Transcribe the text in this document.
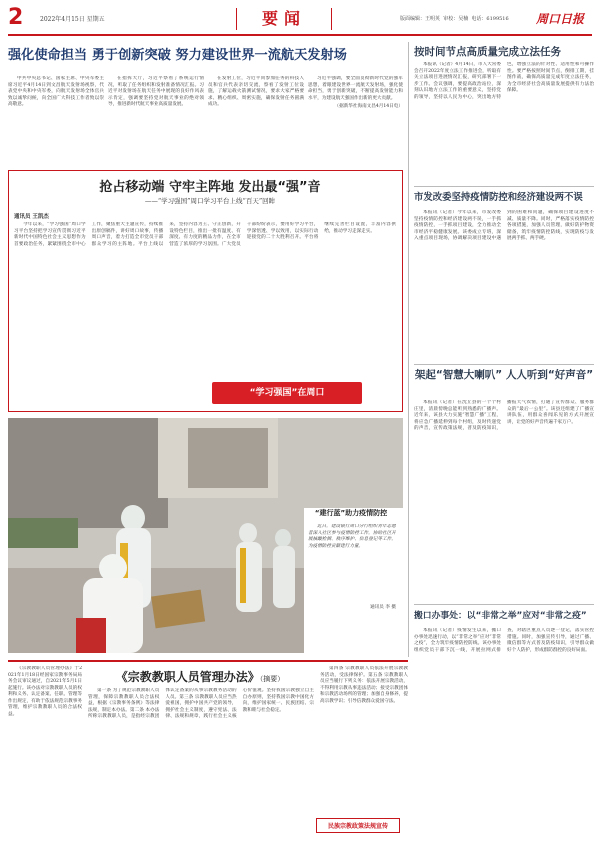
2	2022年4月15日 星期五	要闻	版面编辑：王明英 审校：吴楠 电话：6199516 周口日报
强化使命担当 勇于创新突破 努力建设世界一流航天发射场

中共中央总书记、国家主席、中央军委主席习近平4月14日到文昌航天发射场视察，代表党中央和中央军委，向航天发射场全体官兵致以诚挚问候，向全国广大科技工作者致以崇高敬意。

在指挥大厅，习近平察看了系统运行情况，听取了任务组织和发射准备情况汇报。习近平对发射场在航天任务中展现的良好作风表示肯定，强调要坚持党对航天事业的绝对领导，推进新时代航天事业高质量发展。

在发射工位，习近平同参加任务的科技人员和官兵代表亲切交流，察看了发射工位设施，了解运载火箭测试情况，要求大家严格要求、精心组织、周密实施，确保发射任务圆满成功。

习近平强调，要全面贯彻新时代党的强军思想，着眼建设世界一流航天发射场，强化使命担当，勇于创新突破，不断提高发射能力和水平，为建设航天强国作出新的更大贡献。

（据新华社海南文昌4月14日电）
抢占移动端 守牢主阵地 发出最“强”音
——“学习强国”周口学习平台上线“百天”回眸
通讯员 王凯杰

今年以来，“学习强国”周口学习平台坚持把学习宣传贯彻习近平新时代中国特色社会主义思想作为首要政治任务，紧紧围绕全市中心工作，聚焦重大主题宣传，持续推出原创稿件，讲好周口故事，传播周口声音，着力打造全市党员干部群众学习的主阵地。平台上线以来，坚持内容为王、守正创新，开设特色栏目，推出一批有温度、有深度、有力度的精品力作，在全市营造了浓厚的学习氛围。广大党员干部纷纷表示，要用好学习平台，学深悟透、学以致用，以实际行动迎接党的二十大胜利召开。平台将继续完善栏目设置，丰富内容供给，推动学习走深走实。

“学习强国”在周口
“建行蓝”助力疫情防控

近日，建设银行周口分行组织青年志愿者深入社区参与疫情防控工作，协助社区开展核酸检测、秩序维护、信息登记等工作，为疫情防控贡献建行力量。

通讯员 李 摄
按时间节点高质量完成立法任务

本报讯（记者）4月14日，市人大常委会召开2022年度立法工作推进会，听取有关立法项目进展情况汇报，研究部署下一步工作。会议强调，要提高政治站位，深刻认识地方立法工作的重要意义，坚持党的领导，坚持以人民为中心，突出地方特色，增强立法的针对性、适用性和可操作性。要严格按照时间节点，倒排工期，挂图作战，确保高质量完成年度立法任务，为全市经济社会高质量发展提供有力法治保障。

市发改委坚持疫情防控和经济建设两不误

本报讯（记者）今年以来，市发改委坚持疫情防控和经济建设两不误，一手抓疫情防控，一手抓项目建设，全力推动全市经济平稳健康发展。该委成立专班，深入重点项目现场，协调解决项目建设中遇到的困难和问题，确保项目建设进度不减、质量不降。同时，严格落实疫情防控各项措施，加强人员管理，做好防护物资储备，筑牢疫情防控防线，实现防疫与发展两手抓、两手硬。

架起“智慧大喇叭” 人人听到“好声音”

本报讯（记者）在沈丘县的一个个村庄里，清晨傍晚总能听到熟悉的广播声。近年来，该县大力实施“智慧广播”工程，将应急广播延伸到每个村组，及时传递党的声音，宣传政策法规，普及防疫知识，播报天气农情，打通了宣传群众、服务群众的“最后一公里”。该县还组建了广播宣讲队伍，用群众喜闻乐见的方式开展宣讲，让党的好声音传遍千家万户。

搬口办事处：以“非常之举”应对“非常之疫”

《宗教教职人员管理办法》于2021年1月18日经国家宗教事务局局务会议审议通过，自2021年5月1日起施行。该办法对宗教教职人员的权利和义务、认定备案、任职、管理等作出规定，有助于依法规范宗教事务管理，维护宗教教职人员的合法权益。

《宗教教职人员管理办法》（摘要）

第一条 为了规范宗教教职人员管理，保障宗教教职人员合法权益，根据《宗教事务条例》等法律法规，制定本办法。第二条 本办法所称宗教教职人员，是指经宗教团体认定备案的从事宗教教务活动的人员。第三条 宗教教职人员应当热爱祖国，拥护中国共产党的领导，拥护社会主义制度，遵守宪法、法律、法规和规章，践行社会主义核心价值观。坚持我国宗教独立自主自办原则，坚持我国宗教中国化方向，维护国家统一、民族团结、宗教和睦与社会稳定。

第四条 宗教教职人员依法开展宗教教务活动，受法律保护。第五条 宗教教职人员应当履行下列义务：依法开展宗教活动，不得利用宗教从事违法活动；接受宗教团体和宗教活动场所的管理；加强自身修养，提高宗教学识；引导信教群众爱国守法。

民族宗教政策法规宣传

本报讯（记者）疫情发生以来，搬口办事处迅速行动，以“非常之举”应对“非常之疫”，全力筑牢疫情防控防线。该办事处组织党员干部下沉一线，开展拉网式排查，对辖区重点人员逐一登记，落实管控措施。同时，加强宣传引导，通过广播、微信群等方式普及防疫知识，引导群众做好个人防护，形成群防群控的良好局面。
